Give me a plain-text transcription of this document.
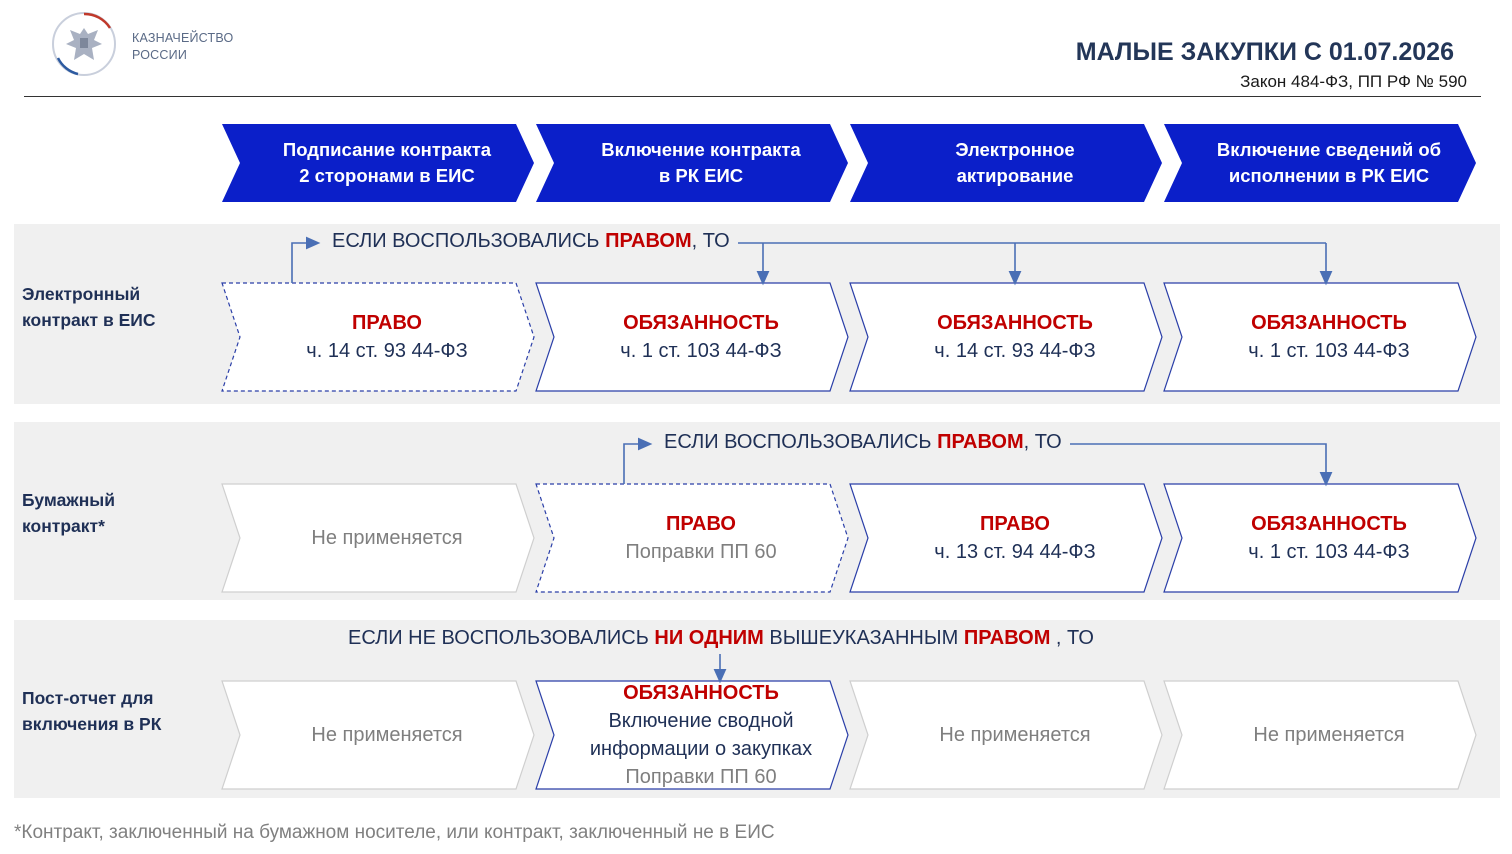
КАЗНАЧЕЙСТВО
РОССИИ	МАЛЫЕ ЗАКУПКИ С 01.07.2026
Закон 484-ФЗ, ПП РФ № 590
Подписание контракта
2 сторонами в ЕИС
Включение контракта
в РК ЕИС
Электронное
актирование
Включение сведений об
исполнении в РК ЕИС
Электронный
контракт в ЕИС
Бумажный
контракт*
Пост-отчет для
включения в РК
ЕСЛИ ВОСПОЛЬЗОВАЛИСЬ ПРАВОМ, ТО
ЕСЛИ ВОСПОЛЬЗОВАЛИСЬ ПРАВОМ, ТО
ЕСЛИ НЕ ВОСПОЛЬЗОВАЛИСЬ НИ ОДНИМ ВЫШЕУКАЗАННЫМ ПРАВОМ , ТО
ПРАВО
ч. 14 ст. 93 44-ФЗ
ОБЯЗАННОСТЬ
ч. 1 ст. 103 44-ФЗ
ОБЯЗАННОСТЬ
ч. 14 ст. 93 44-ФЗ
ОБЯЗАННОСТЬ
ч. 1 ст. 103 44-ФЗ
Не применяется
ПРАВО
Поправки ПП 60
ПРАВО
ч. 13 ст. 94 44-ФЗ
ОБЯЗАННОСТЬ
ч. 1 ст. 103 44-ФЗ
Не применяется
ОБЯЗАННОСТЬ
Включение сводной
информации о закупках
Поправки ПП 60
Не применяется	Не применяется
*Контракт, заключенный на бумажном носителе, или контракт, заключенный не в ЕИС
